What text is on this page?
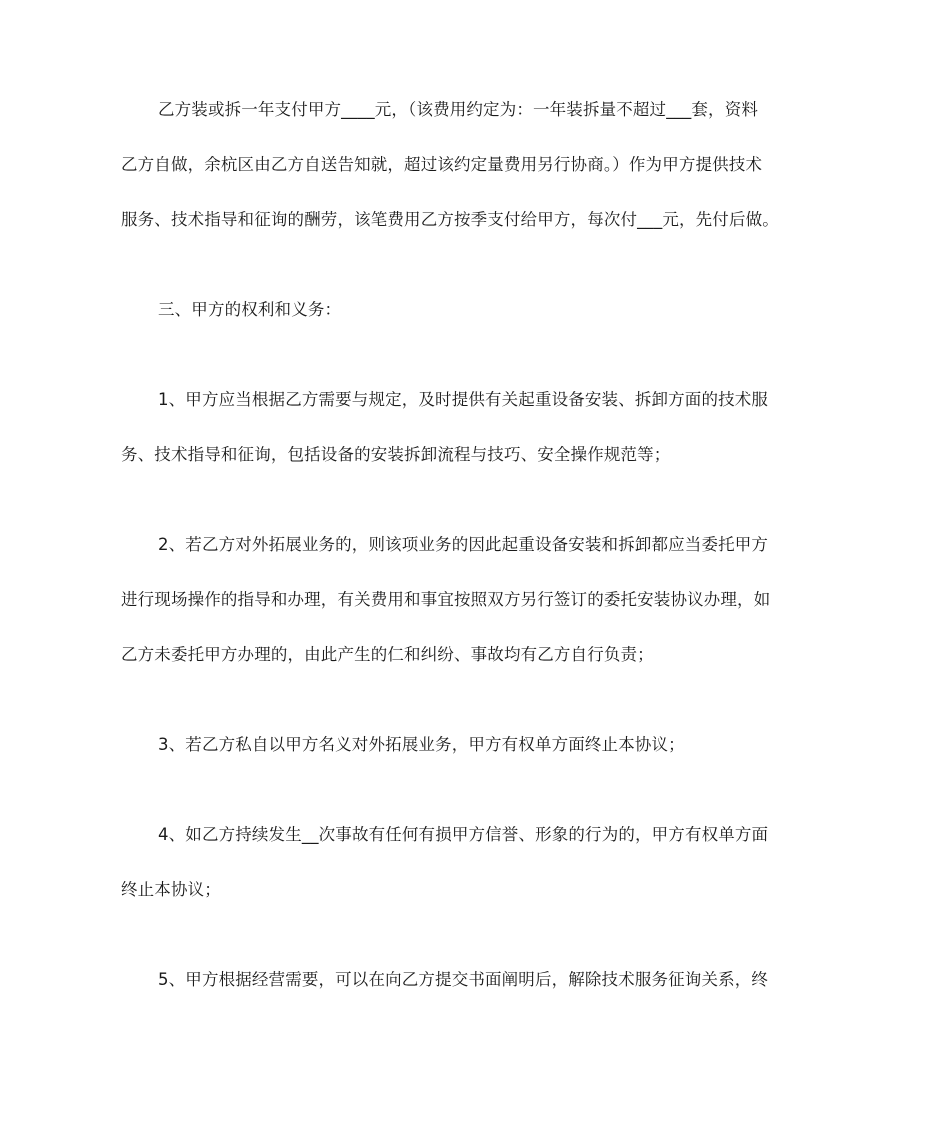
乙方装或拆一年支付甲方____元，（该费用约定为：一年装拆量不超过___套，资料
乙方自做，余杭区由乙方自送告知就，超过该约定量费用另行协商。）作为甲方提供技术
服务、技术指导和征询的酬劳，该笔费用乙方按季支付给甲方，每次付___元，先付后做。
三、甲方的权利和义务：
1、甲方应当根据乙方需要与规定，及时提供有关起重设备安装、拆卸方面的技术服
务、技术指导和征询，包括设备的安装拆卸流程与技巧、安全操作规范等；
2、若乙方对外拓展业务的，则该项业务的因此起重设备安装和拆卸都应当委托甲方
进行现场操作的指导和办理，有关费用和事宜按照双方另行签订的委托安装协议办理，如
乙方未委托甲方办理的，由此产生的仁和纠纷、事故均有乙方自行负责；
3、若乙方私自以甲方名义对外拓展业务，甲方有权单方面终止本协议；
4、如乙方持续发生__次事故有任何有损甲方信誉、形象的行为的，甲方有权单方面
终止本协议；
5、甲方根据经营需要，可以在向乙方提交书面阐明后，解除技术服务征询关系，终
